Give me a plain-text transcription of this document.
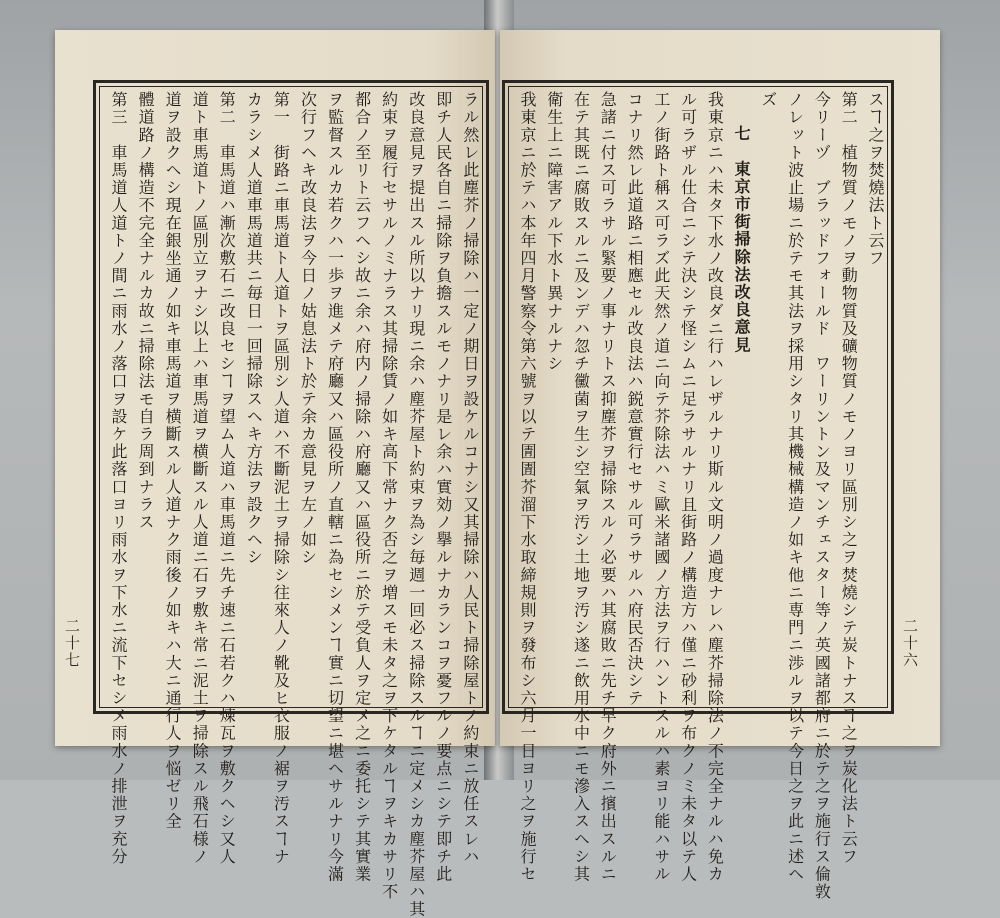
ラル然レ此塵芥ノ掃除ハ一定ノ期日ヲ設ケルコナシ又其掃除ハ人民ト掃除屋トノ約束ニ放任スレハ
即チ人民各自ニ掃除ヲ負擔スルモノナリ是レ余ハ實効ノ擧ルナカランコヲ憂フルノ要点ニシテ即チ此
改良意見ヲ提出スル所以ナリ現ニ余ハ塵芥屋ト約束ヲ為シ毎週一回必ス掃除スルヿニ定メシカ塵芥屋ハ其
約束ヲ履行セサルノミナラス其掃除賃ノ如キ高下常ナク否之ヲ増スモ未タ之ヲ下ケタルヿヲキカサリ不
都合ノ至リト云フヘシ故ニ余ハ府内ノ掃除ハ府廳又ハ區役所ニ於テ受負人ヲ定メ之ニ委托シテ其實業
ヲ監督スルカ若クハ一歩ヲ進メテ府廳又ハ區役所ノ直轄ニ為セシメンヿ實ニ切望ニ堪ヘサルナリ今滿
次行フヘキ改良法ヲ今日ノ姑息法ト於テ余カ意見ヲ左ノ如シ
第一　街路ニ車馬道ト人道トヲ區別シ人道ハ不斷泥土ヲ掃除シ往來人ノ靴及ヒ衣服ノ裾ヲ汚スヿナ
カラシメ人道車馬道共ニ毎日一回掃除スヘキ方法ヲ設クヘシ
第二　車馬道ハ漸次敷石ニ改良セシヿヲ望ム人道ハ車馬道ニ先チ速ニ石若クハ煉瓦ヲ敷クヘシ又人
道ト車馬道トノ區別立ヲナシ以上ハ車馬道ヲ横斷スル人道ニ石ヲ敷キ常ニ泥土ヲ掃除スル飛石様ノ
道ヲ設クヘシ現在銀坐通ノ如キ車馬道ヲ横斷スル人道ナク雨後ノ如キハ大ニ通行人ヲ悩ゼリ全
體道路ノ構造不完全ナルカ故ニ掃除法モ自ラ周到ナラス
第三　車馬道人道トノ間ニ雨水ノ落口ヲ設ケ此落口ヨリ雨水ヲ下水ニ流下セシメ雨水ノ排泄ヲ充分	スヿ之ヲ焚燒法ト云フ
第二　植物質ノモノヲ動物質及礦物質ノモノヨリ區別シ之ヲ焚燒シテ炭トナスヿ之ヲ炭化法ト云フ
今リーヅ　ブラッドフォールド　ワーリントン及マンチェスター等ノ英國諸都府ニ於テ之ヲ施行ス倫敦
ノレット波止場ニ於テモ其法ヲ採用シタリ其機械構造ノ如キ他ニ専門ニ渉ルヲ以テ今日之ヲ此ニ述ヘ
ズ
七　東京市街掃除法改良意見
我東京ニハ未タ下水ノ改良ダニ行ハレザルナリ斯ル文明ノ過度ナレハ塵芥掃除法ノ不完全ナルハ免カ
ル可ラザル仕合ニシテ決シテ怪シムニ足ラサルナリ且街路ノ構造方ハ僅ニ砂利ヲ布クノミ未タ以テ人
工ノ街路ト稱ス可ラズ此天然ノ道ニ向テ芥除法ハミ歐米諸國ノ方法ヲ行ハントスルハ素ヨリ能ハサル
コナリ然レ此道路ニ相應セル改良法ハ鋭意實行セサル可ラサルハ府民否決シテ
急諸ニ付ス可ラサル緊要ノ事ナリトス抑塵芥ヲ掃除スルノ必要ハ其腐敗ニ先チ早ク府外ニ擯出スルニ
在テ其既ニ腐敗スルニ及ンデハ忽チ黴菌ヲ生シ空氣ヲ汚シ土地ヲ汚シ遂ニ飲用水中ニモ滲入スヘシ其
衛生上ニ障害アル下水ト異ナルナシ
我東京ニ於テハ本年四月警察令第六號ヲ以テ圊圊芥溜下水取締規則ヲ發布シ六月一日ヨリ之ヲ施行セ
二十七	二十六
